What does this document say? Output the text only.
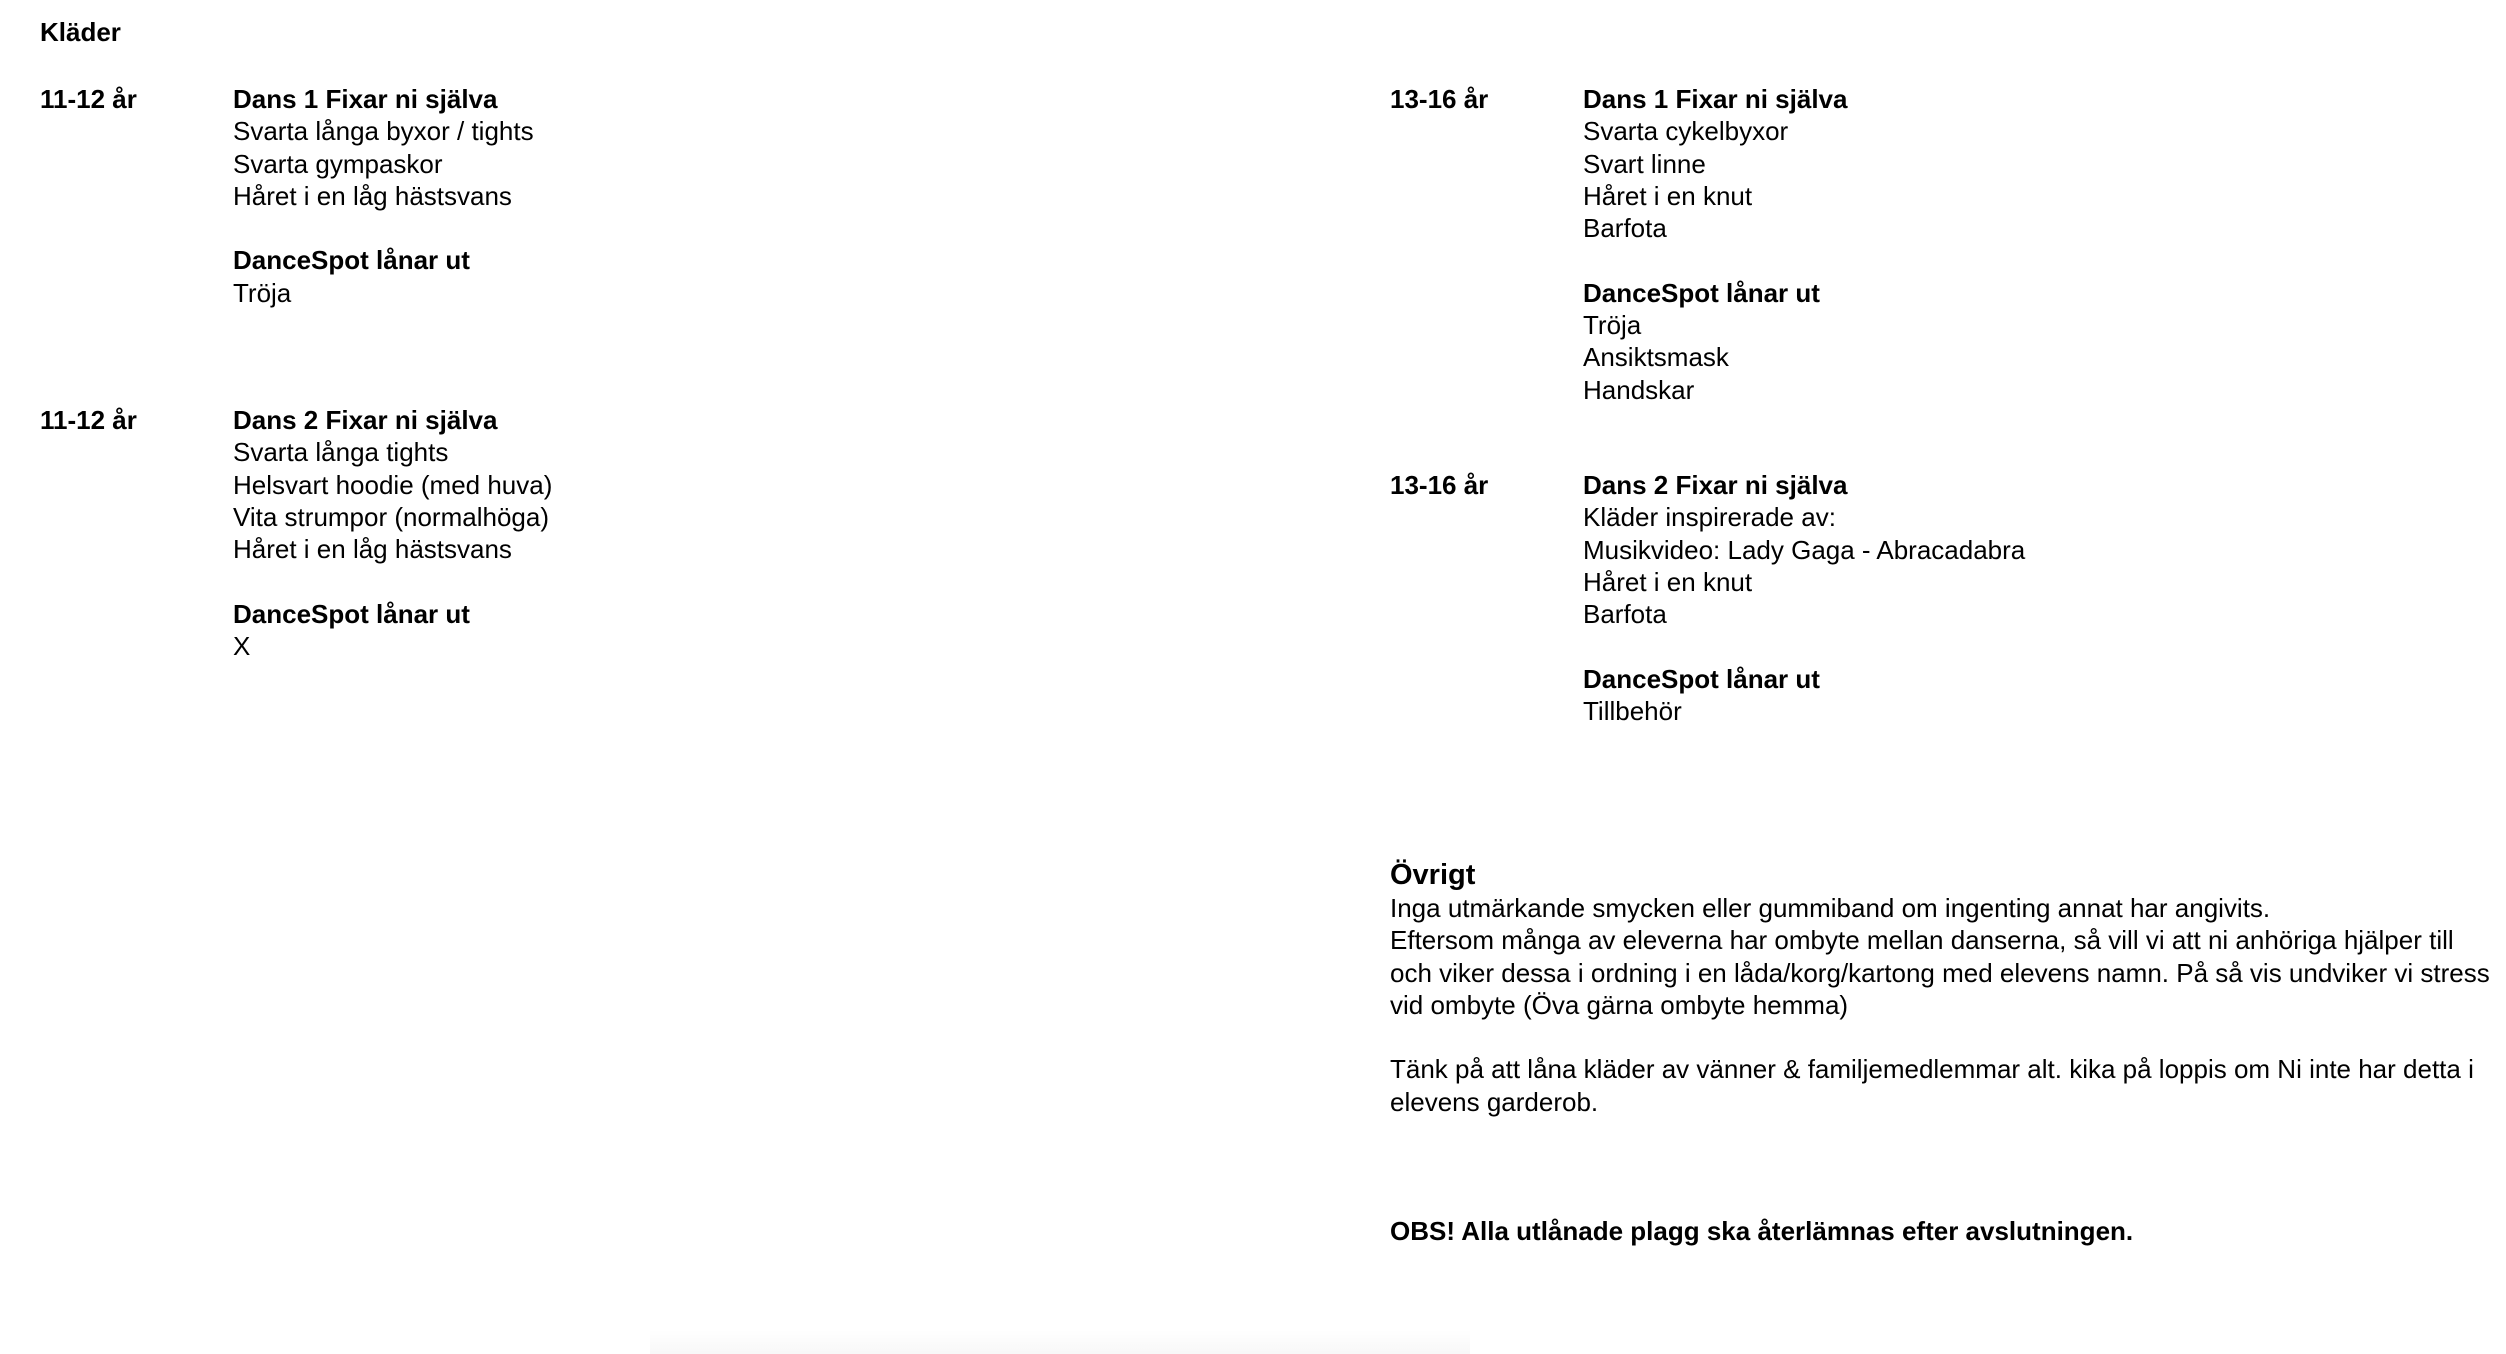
Kläder
11-12 år	Dans 1 Fixar ni själva
Svarta långa byxor / tights
Svarta gympaskor
Håret i en låg hästsvans
DanceSpot lånar ut
Tröja
11-12 år	Dans 2 Fixar ni själva
Svarta långa tights
Helsvart hoodie (med huva)
Vita strumpor (normalhöga)
Håret i en låg hästsvans
DanceSpot lånar ut
X
13-16 år	Dans 1 Fixar ni själva
Svarta cykelbyxor
Svart linne
Håret i en knut
Barfota
DanceSpot lånar ut
Tröja
Ansiktsmask
Handskar
13-16 år	Dans 2 Fixar ni själva
Kläder inspirerade av:
Musikvideo: Lady Gaga - Abracadabra
Håret i en knut
Barfota
DanceSpot lånar ut
Tillbehör
Övrigt
Inga utmärkande smycken eller gummiband om ingenting annat har angivits.
Eftersom många av eleverna har ombyte mellan danserna, så vill vi att ni anhöriga hjälper till och viker dessa i ordning i en låda/korg/kartong med elevens namn. På så vis undviker vi stress vid ombyte (Öva gärna ombyte hemma)
Tänk på att låna kläder av vänner & familjemedlemmar alt. kika på loppis om Ni inte har detta i elevens garderob.
OBS! Alla utlånade plagg ska återlämnas efter avslutningen.
